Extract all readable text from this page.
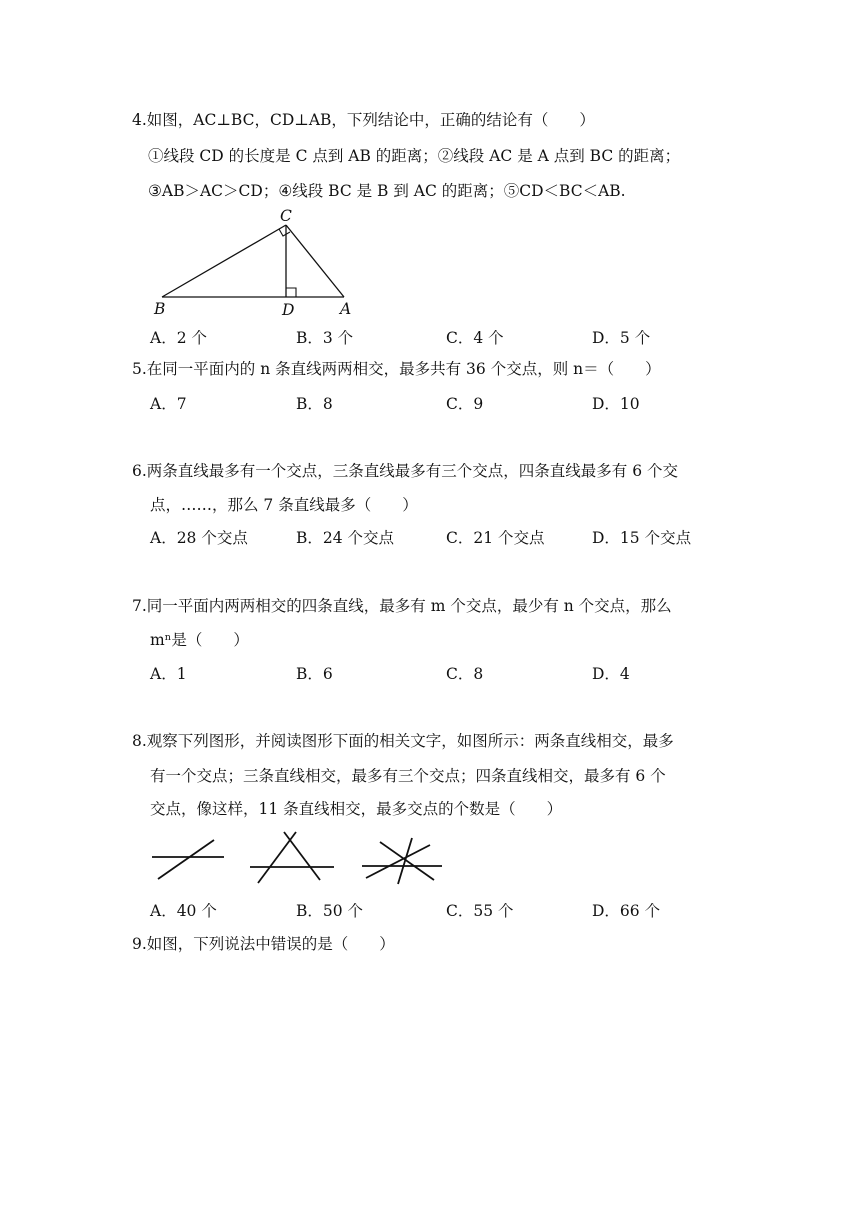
4.如图，AC⊥BC，CD⊥AB，下列结论中，正确的结论有（　　）
①线段 CD 的长度是 C 点到 AB 的距离；②线段 AC 是 A 点到 BC 的距离；
③AB＞AC＞CD；④线段 BC 是 B 到 AC 的距离；⑤CD＜BC＜AB.
C
B	D	A
A．2 个	B．3 个	C．4 个	D．5 个
5.在同一平面内的 n 条直线两两相交，最多共有 36 个交点，则 n＝（　　）
A．7	B．8	C．9	D．10
6.两条直线最多有一个交点，三条直线最多有三个交点，四条直线最多有 6 个交
点，……，那么 7 条直线最多（　　）
A．28 个交点	B．24 个交点	C．21 个交点	D．15 个交点
7.同一平面内两两相交的四条直线，最多有 m 个交点，最少有 n 个交点，那么
mⁿ是（　　）
A．1	B．6	C．8	D．4
8.观察下列图形，并阅读图形下面的相关文字，如图所示：两条直线相交，最多
有一个交点；三条直线相交，最多有三个交点；四条直线相交，最多有 6 个
交点，像这样，11 条直线相交，最多交点的个数是（　　）
A．40 个	B．50 个	C．55 个	D．66 个
9.如图，下列说法中错误的是（　　）
